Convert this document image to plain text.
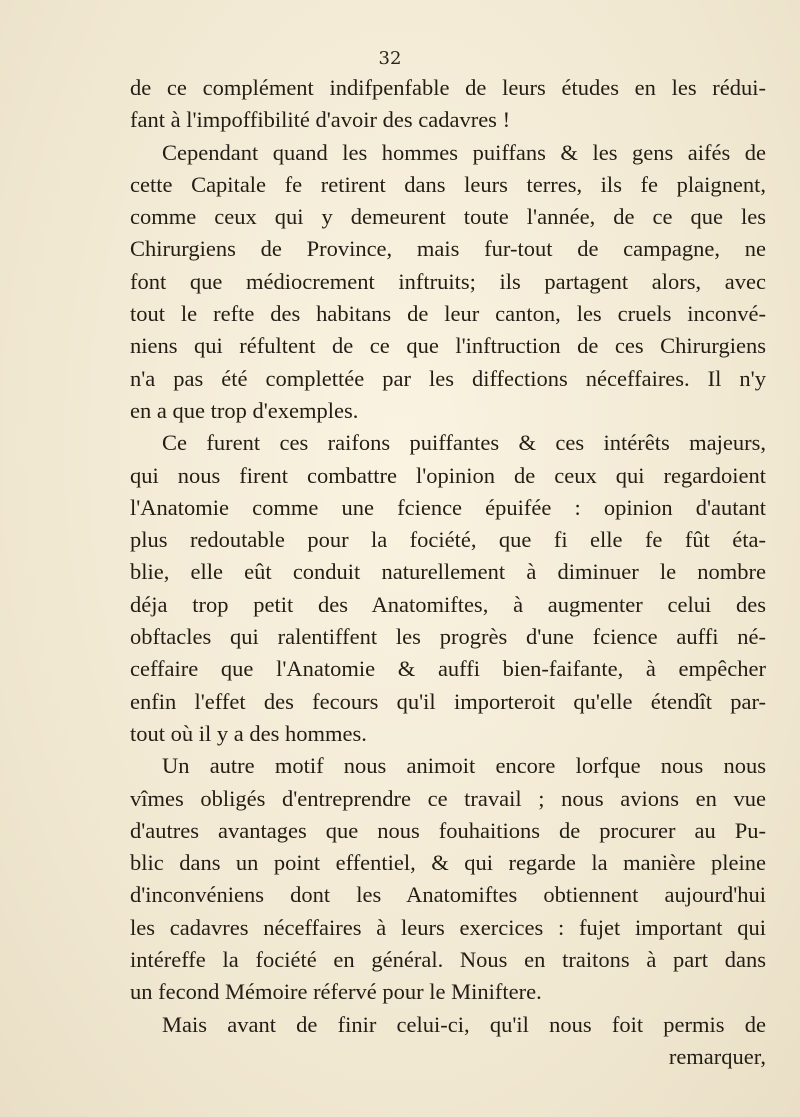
32
de ce complément indifpenfable de leurs études en les rédui-
fant à l'impoffibilité d'avoir des cadavres !
Cependant quand les hommes puiffans & les gens aifés de
cette Capitale fe retirent dans leurs terres, ils fe plaignent,
comme ceux qui y demeurent toute l'année, de ce que les
Chirurgiens de Province, mais fur-tout de campagne, ne
font que médiocrement inftruits; ils partagent alors, avec
tout le refte des habitans de leur canton, les cruels inconvé-
niens qui réfultent de ce que l'inftruction de ces Chirurgiens
n'a pas été complettée par les diffections néceffaires. Il n'y
en a que trop d'exemples.
Ce furent ces raifons puiffantes & ces intérêts majeurs,
qui nous firent combattre l'opinion de ceux qui regardoient
l'Anatomie comme une fcience épuifée : opinion d'autant
plus redoutable pour la fociété, que fi elle fe fût éta-
blie, elle eût conduit naturellement à diminuer le nombre
déja trop petit des Anatomiftes, à augmenter celui des
obftacles qui ralentiffent les progrès d'une fcience auffi né-
ceffaire que l'Anatomie & auffi bien-faifante, à empêcher
enfin l'effet des fecours qu'il importeroit qu'elle étendît par-
tout où il y a des hommes.
Un autre motif nous animoit encore lorfque nous nous
vîmes obligés d'entreprendre ce travail ; nous avions en vue
d'autres avantages que nous fouhaitions de procurer au Pu-
blic dans un point effentiel, & qui regarde la manière pleine
d'inconvéniens dont les Anatomiftes obtiennent aujourd'hui
les cadavres néceffaires à leurs exercices : fujet important qui
intéreffe la fociété en général. Nous en traitons à part dans
un fecond Mémoire réfervé pour le Miniftere.
Mais avant de finir celui-ci, qu'il nous foit permis de
remarquer,
